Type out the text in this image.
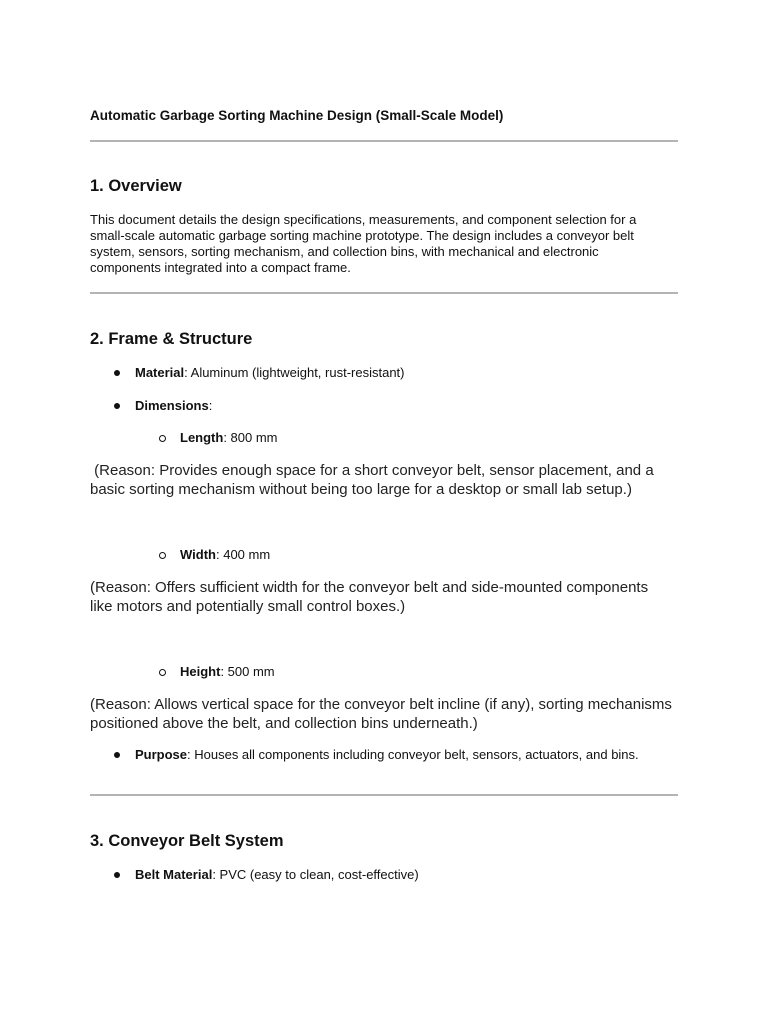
Automatic Garbage Sorting Machine Design (Small-Scale Model)
1. Overview
This document details the design specifications, measurements, and component selection for a
small-scale automatic garbage sorting machine prototype. The design includes a conveyor belt
system, sensors, sorting mechanism, and collection bins, with mechanical and electronic
components integrated into a compact frame.
2. Frame & Structure
Material: Aluminum (lightweight, rust-resistant)
Dimensions:
Length: 800 mm
(Reason: Provides enough space for a short conveyor belt, sensor placement, and a
basic sorting mechanism without being too large for a desktop or small lab setup.)
Width: 400 mm
(Reason: Offers sufficient width for the conveyor belt and side-mounted components
like motors and potentially small control boxes.)
Height: 500 mm
(Reason: Allows vertical space for the conveyor belt incline (if any), sorting mechanisms
positioned above the belt, and collection bins underneath.)
Purpose: Houses all components including conveyor belt, sensors, actuators, and bins.
3. Conveyor Belt System
Belt Material: PVC (easy to clean, cost-effective)
